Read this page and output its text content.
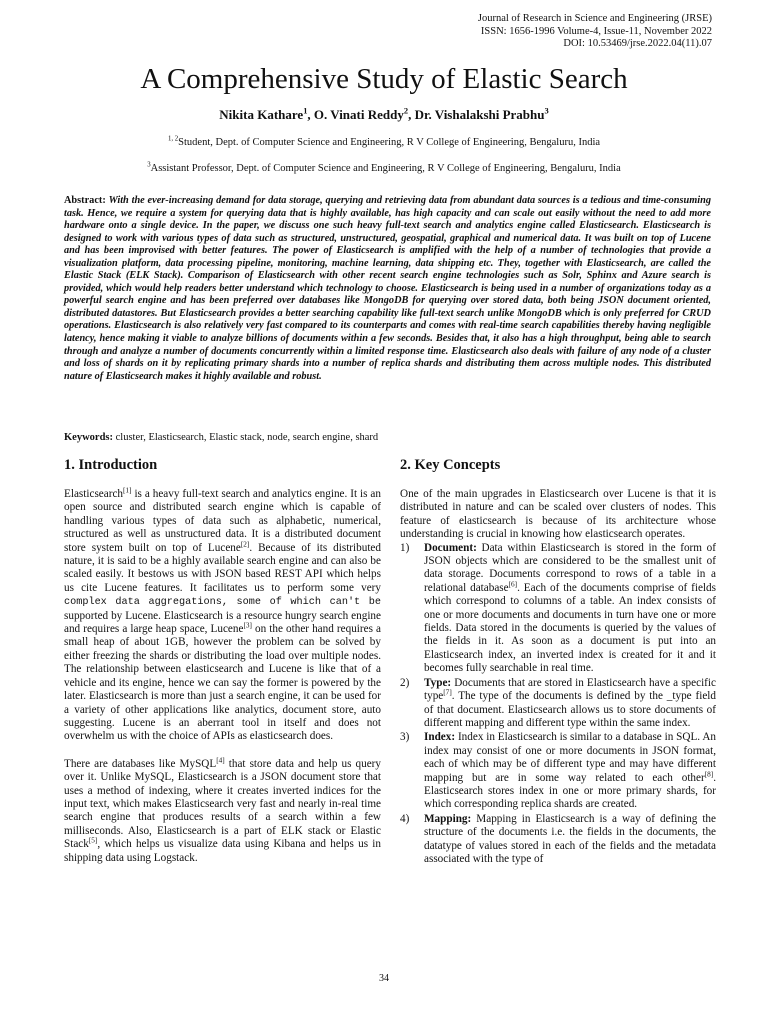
Journal of Research in Science and Engineering (JRSE)
ISSN: 1656-1996 Volume-4, Issue-11, November 2022
DOI: 10.53469/jrse.2022.04(11).07
A Comprehensive Study of Elastic Search
Nikita Kathare$^1$, O. Vinati Reddy$^2$, Dr. Vishalakshi Prabhu$^3$
$^{1, 2}$Student, Dept. of Computer Science and Engineering, R V College of Engineering, Bengaluru, India
$^3$Assistant Professor, Dept. of Computer Science and Engineering, R V College of Engineering, Bengaluru, India

Abstract: With the ever-increasing demand for data storage, querying and retrieving data from abundant data sources is a tedious and time-consuming task. Hence, we require a system for querying data that is highly available, has high capacity and can scale out easily without the need to add more hardware onto a single device. In the paper, we discuss one such heavy full-text search and analytics engine called Elasticsearch. Elasticsearch is designed to work with various types of data such as structured, unstructured, geospatial, graphical and numerical data. It was built on top of Lucene and has been improvised with better features. The power of Elasticsearch is amplified with the help of a number of technologies that provide a visualization platform, data processing pipeline, monitoring, machine learning, data shipping etc. They, together with Elasticsearch, are called the Elastic Stack (ELK Stack). Comparison of Elasticsearch with other recent search engine technologies such as Solr, Sphinx and Azure search is provided, which would help readers better understand which technology to choose. Elasticsearch is being used in a number of organizations today as a powerful search engine and has been preferred over databases like MongoDB for querying over stored data, both being JSON document oriented, distributed datastores. But Elasticsearch provides a better searching capability like full-text search unlike MongoDB which is only preferred for CRUD operations. Elasticsearch is also relatively very fast compared to its counterparts and comes with real-time search capabilities thereby having negligible latency, hence making it viable to analyze billions of documents within a few seconds. Besides that, it also has a high throughput, being able to search through and analyze a number of documents concurrently within a limited response time. Elasticsearch also deals with failure of any node of a cluster and loss of shards on it by replicating primary shards into a number of replica shards and distributing them across multiple nodes. This distributed nature of Elasticsearch makes it highly available and robust.

Keywords: cluster, Elasticsearch, Elastic stack, node, search engine, shard

1. Introduction

Elasticsearch[1] is a heavy full-text search and analytics engine. It is an open source and distributed search engine which is capable of handling various types of data such as alphabetic, numerical, structured as well as unstructured data. It is a distributed document store system built on top of Lucene[2]. Because of its distributed nature, it is said to be a highly available search engine and can also be scaled easily. It bestows us with JSON based REST API which helps us cite Lucene features. It facilitates us to perform some very complex data aggregations, some of which can't be supported by Lucene. Elasticsearch is a resource hungry search engine and requires a large heap space, Lucene[3] on the other hand requires a small heap of about 1GB, however the problem can be solved by either freezing the shards or distributing the load over multiple nodes. The relationship between elasticsearch and Lucene is like that of a vehicle and its engine, hence we can say the former is powered by the later. Elasticsearch is more than just a search engine, it can be used for a variety of other applications like analytics, document store, auto suggesting. Lucene is an aberrant tool in itself and does not overwhelm us with the choice of APIs as elasticsearch does.

There are databases like MySQL[4] that store data and help us query over it. Unlike MySQL, Elasticsearch is a JSON document store that uses a method of indexing, where it creates inverted indices for the input text, which makes Elasticsearch very fast and nearly in-real time search engine that produces results of a search within a few milliseconds. Also, Elasticsearch is a part of ELK stack or Elastic Stack[5], which helps us visualize data using Kibana and helps us in shipping data using Logstack.

2. Key Concepts

One of the main upgrades in Elasticsearch over Lucene is that it is distributed in nature and can be scaled over clusters of nodes. This feature of elasticsearch is because of its architecture whose understanding is crucial in knowing how elasticsearch operates.

1) Document: Data within Elasticsearch is stored in the form of JSON objects which are considered to be the smallest unit of data storage. Documents correspond to rows of a table in a relational database[6]. Each of the documents comprise of fields which correspond to columns of a table. An index consists of one or more documents and documents in turn have one or more fields. Data stored in the documents is queried by the values of the fields in it. As soon as a document is put into an Elasticsearch index, an inverted index is created for it and it becomes fully searchable in real time.
2) Type: Documents that are stored in Elasticsearch have a specific type[7]. The type of the documents is defined by the _type field of that document. Elasticsearch allows us to store documents of different mapping and different type within the same index.
3) Index: Index in Elasticsearch is similar to a database in SQL. An index may consist of one or more documents in JSON format, each of which may be of different type and may have different mapping but are in some way related to each other[8]. Elasticsearch stores index in one or more primary shards, for which corresponding replica shards are created.
4) Mapping: Mapping in Elasticsearch is a way of defining the structure of the documents i.e. the fields in the documents, the datatype of values stored in each of the fields and the metadata associated with the type of
34
